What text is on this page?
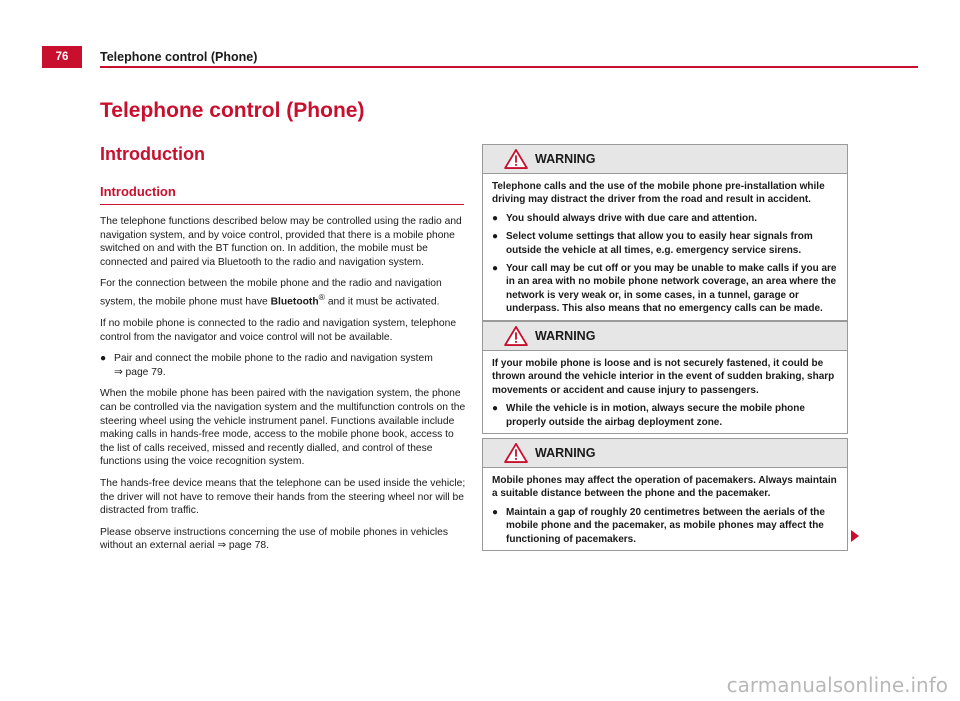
76	Telephone control (Phone)
Telephone control (Phone)
Introduction
Introduction

The telephone functions described below may be controlled using the radio and navigation system, and by voice control, provided that there is a mobile phone switched on and with the BT function on. In addition, the mobile must be connected and paired via Bluetooth to the radio and navigation system.

For the connection between the mobile phone and the radio and navigation system, the mobile phone must have Bluetooth® and it must be activated.

If no mobile phone is connected to the radio and navigation system, telephone control from the navigator and voice control will not be available.

● Pair and connect the mobile phone to the radio and navigation system
⇒ page 79.

When the mobile phone has been paired with the navigation system, the phone can be controlled via the navigation system and the multifunction controls on the steering wheel using the vehicle instrument panel. Functions available include making calls in hands-free mode, access to the mobile phone book, access to the list of calls received, missed and recently dialled, and control of these functions using the voice recognition system.

The hands-free device means that the telephone can be used inside the vehicle; the driver will not have to remove their hands from the steering wheel nor will be distracted from traffic.

Please observe instructions concerning the use of mobile phones in vehicles without an external aerial ⇒ page 78.

WARNING

Telephone calls and the use of the mobile phone pre-installation while driving may distract the driver from the road and result in accident.

● You should always drive with due care and attention.
● Select volume settings that allow you to easily hear signals from outside the vehicle at all times, e.g. emergency service sirens.
● Your call may be cut off or you may be unable to make calls if you are in an area with no mobile phone network coverage, an area where the network is very weak or, in some cases, in a tunnel, garage or underpass. This also means that no emergency calls can be made.
WARNING

If your mobile phone is loose and is not securely fastened, it could be thrown around the vehicle interior in the event of sudden braking, sharp movements or accident and cause injury to passengers.

● While the vehicle is in motion, always secure the mobile phone properly outside the airbag deployment zone.
WARNING

Mobile phones may affect the operation of pacemakers. Always maintain a suitable distance between the phone and the pacemaker.

● Maintain a gap of roughly 20 centimetres between the aerials of the mobile phone and the pacemaker, as mobile phones may affect the functioning of pacemakers.
carmanualsonline.info
